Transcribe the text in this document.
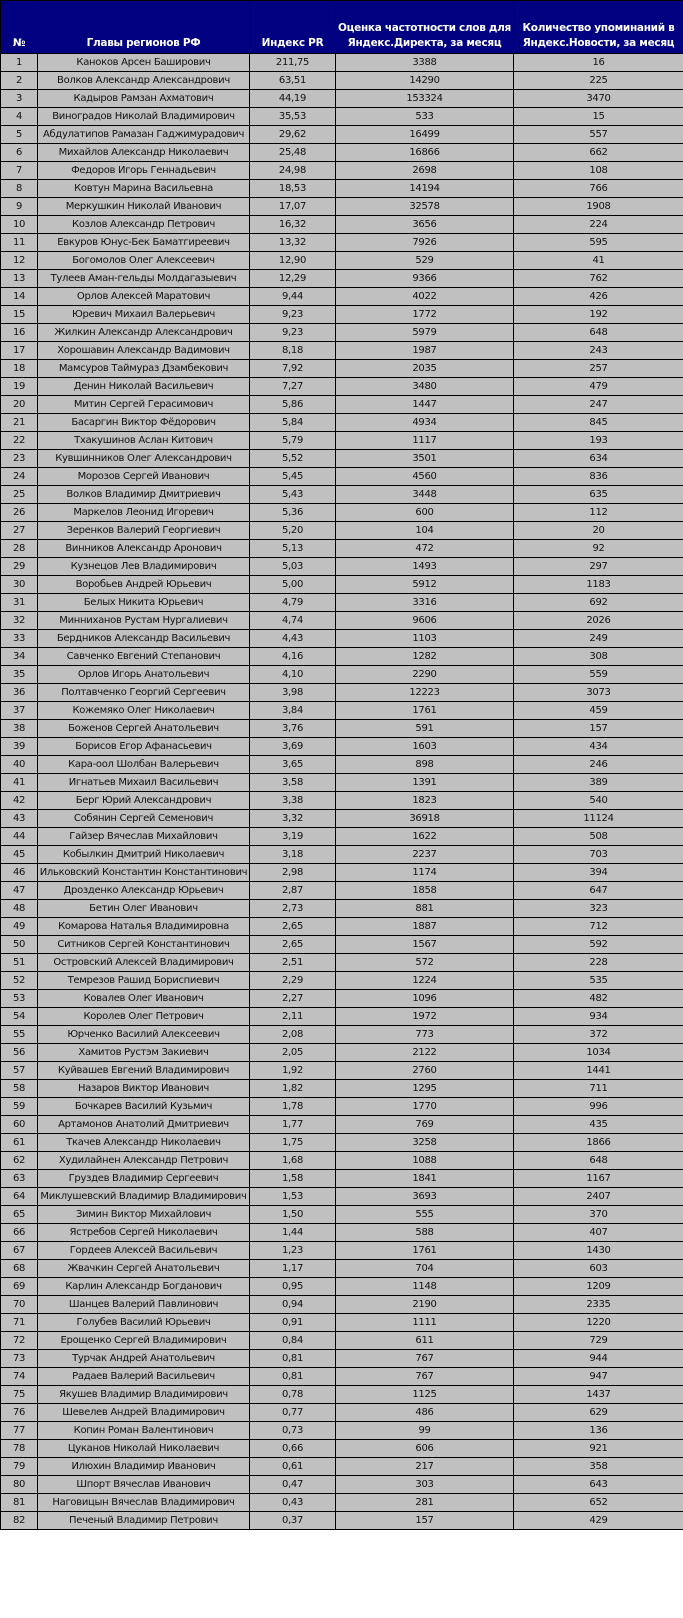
№	Главы регионов РФ	Индекс PR	Оценка частотности слов для Яндекс.Директа, за месяц	Количество упоминаний в Яндекс.Новости, за месяц
1	Каноков Арсен Баширович	211,75	3388	16
2	Волков Александр Александрович	63,51	14290	225
3	Кадыров Рамзан Ахматович	44,19	153324	3470
4	Виноградов Николай Владимирович	35,53	533	15
5	Абдулатипов Рамазан Гаджимурадович	29,62	16499	557
6	Михайлов Александр Николаевич	25,48	16866	662
7	Федоров Игорь Геннадьевич	24,98	2698	108
8	Ковтун Марина Васильевна	18,53	14194	766
9	Меркушкин Николай Иванович	17,07	32578	1908
10	Козлов Александр Петрович	16,32	3656	224
11	Евкуров Юнус-Бек Баматгиреевич	13,32	7926	595
12	Богомолов Олег Алексеевич	12,90	529	41
13	Тулеев Аман-гельды Молдагазыевич	12,29	9366	762
14	Орлов Алексей Маратович	9,44	4022	426
15	Юревич Михаил Валерьевич	9,23	1772	192
16	Жилкин Александр Александрович	9,23	5979	648
17	Хорошавин Александр Вадимович	8,18	1987	243
18	Мамсуров Таймураз Дзамбекович	7,92	2035	257
19	Денин Николай Васильевич	7,27	3480	479
20	Митин Сергей Герасимович	5,86	1447	247
21	Басаргин Виктор Фёдорович	5,84	4934	845
22	Тхакушинов Аслан Китович	5,79	1117	193
23	Кувшинников Олег Александрович	5,52	3501	634
24	Морозов Сергей Иванович	5,45	4560	836
25	Волков Владимир Дмитриевич	5,43	3448	635
26	Маркелов Леонид Игоревич	5,36	600	112
27	Зеренков Валерий Георгиевич	5,20	104	20
28	Винников Александр Аронович	5,13	472	92
29	Кузнецов Лев Владимирович	5,03	1493	297
30	Воробьев Андрей Юрьевич	5,00	5912	1183
31	Белых Никита Юрьевич	4,79	3316	692
32	Минниханов Рустам Нургалиевич	4,74	9606	2026
33	Бердников Александр Васильевич	4,43	1103	249
34	Савченко Евгений Степанович	4,16	1282	308
35	Орлов Игорь Анатольевич	4,10	2290	559
36	Полтавченко Георгий Сергеевич	3,98	12223	3073
37	Кожемяко Олег Николаевич	3,84	1761	459
38	Боженов Сергей Анатольевич	3,76	591	157
39	Борисов Егор Афанасьевич	3,69	1603	434
40	Кара-оол Шолбан Валерьевич	3,65	898	246
41	Игнатьев Михаил Васильевич	3,58	1391	389
42	Берг Юрий Александрович	3,38	1823	540
43	Собянин Сергей Семенович	3,32	36918	11124
44	Гайзер Вячеслав Михайлович	3,19	1622	508
45	Кобылкин Дмитрий Николаевич	3,18	2237	703
46	Ильковский Константин Константинович	2,98	1174	394
47	Дрозденко Александр Юрьевич	2,87	1858	647
48	Бетин Олег Иванович	2,73	881	323
49	Комарова Наталья Владимировна	2,65	1887	712
50	Ситников Сергей Константинович	2,65	1567	592
51	Островский Алексей Владимирович	2,51	572	228
52	Темрезов Рашид Бориспиевич	2,29	1224	535
53	Ковалев Олег Иванович	2,27	1096	482
54	Королев Олег Петрович	2,11	1972	934
55	Юрченко Василий Алексеевич	2,08	773	372
56	Хамитов Рустэм Закиевич	2,05	2122	1034
57	Куйвашев Евгений Владимирович	1,92	2760	1441
58	Назаров Виктор Иванович	1,82	1295	711
59	Бочкарев Василий Кузьмич	1,78	1770	996
60	Артамонов Анатолий Дмитриевич	1,77	769	435
61	Ткачев Александр Николаевич	1,75	3258	1866
62	Худилайнен Александр Петрович	1,68	1088	648
63	Груздев Владимир Сергеевич	1,58	1841	1167
64	Миклушевский Владимир Владимирович	1,53	3693	2407
65	Зимин Виктор Михайлович	1,50	555	370
66	Ястребов Сергей Николаевич	1,44	588	407
67	Гордеев Алексей Васильевич	1,23	1761	1430
68	Жвачкин Сергей Анатольевич	1,17	704	603
69	Карлин Александр Богданович	0,95	1148	1209
70	Шанцев Валерий Павлинович	0,94	2190	2335
71	Голубев Василий Юрьевич	0,91	1111	1220
72	Ерощенко Сергей Владимирович	0,84	611	729
73	Турчак Андрей Анатольевич	0,81	767	944
74	Радаев Валерий Васильевич	0,81	767	947
75	Якушев Владимир Владимирович	0,78	1125	1437
76	Шевелев Андрей Владимирович	0,77	486	629
77	Копин Роман Валентинович	0,73	99	136
78	Цуканов Николай Николаевич	0,66	606	921
79	Илюхин Владимир Иванович	0,61	217	358
80	Шпорт Вячеслав Иванович	0,47	303	643
81	Наговицын Вячеслав Владимирович	0,43	281	652
82	Печеный Владимир Петрович	0,37	157	429
